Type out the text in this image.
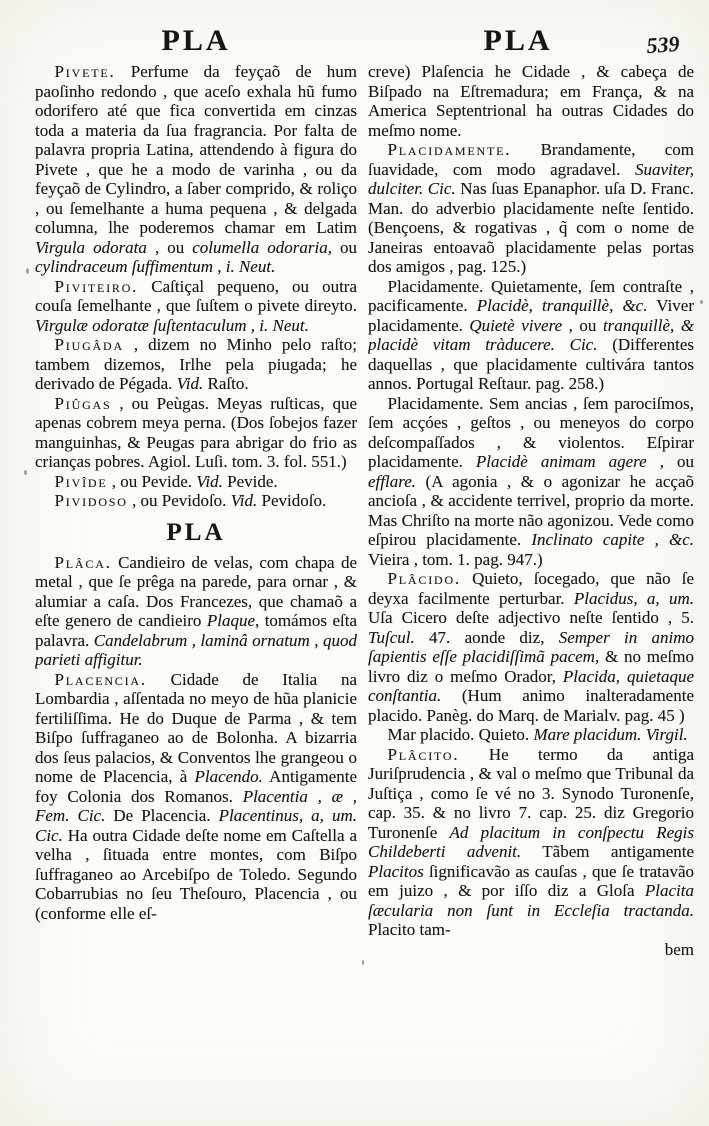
PLA	PLA	539

Pivete. Perfume da feyçaõ de hum paoſinho redondo , que aceſo exhala hũ fumo odorifero até que fica convertida em cinzas toda a materia da ſua fragrancia. Por falta de palavra propria Latina, attendendo à figura do Pivete , que he a modo de varinha , ou da feyçaõ de Cylindro, a ſaber comprido, & roliço , ou ſemelhante a huma pequena , & delgada columna, lhe poderemos chamar em Latim Virgula odorata , ou columella odoraria, ou cylindraceum ſuffimentum , i. Neut.

Piviteiro. Caſtiçal pequeno, ou outra couſa ſemelhante , que ſuſtem o pivete direyto. Virgulæ odoratæ ſuſtentaculum , i. Neut.

Piugâda , dizem no Minho pelo raſto; tambem dizemos, Irlhe pela piugada; he derivado de Pégada. Vid. Raſto.

Piûgas , ou Peùgas. Meyas ruſticas, que apenas cobrem meya perna. (Dos ſobejos fazer manguinhas, & Peugas para abrigar do frio as crianças pobres. Agiol. Luſi. tom. 3. fol. 551.)

Pivîde , ou Pevide. Vid. Pevide.

Pividoso , ou Pevidoſo. Vid. Pevidoſo.

PLA

Plâca. Candieiro de velas, com chapa de metal , que ſe prêga na parede, para ornar , & alumiar a caſa. Dos Francezes, que chamaõ a eſte genero de candieiro Plaque, tomámos eſta palavra. Candelabrum , laminâ ornatum , quod parieti affigitur.

Placencia. Cidade de Italia na Lombardia , aſſentada no meyo de hũa planicie fertiliſſima. He do Duque de Parma , & tem Biſpo ſuffraganeo ao de Bolonha. A bizarria dos ſeus palacios, & Conventos lhe grangeou o nome de Placencia, à Placendo. Antigamente foy Colonia dos Romanos. Placentia , æ , Fem. Cic. De Placencia. Placentinus, a, um. Cic. Ha outra Cidade deſte nome em Caſtella a velha , ſituada entre montes, com Biſpo ſuffraganeo ao Arcebiſpo de Toledo. Segundo Cobarrubias no ſeu Theſouro, Placencia , ou (conforme elle eſ-

creve) Plaſencia he Cidade , & cabeça de Biſpado na Eſtremadura; em França, & na America Septentrional ha outras Cidades do meſmo nome.

Placidamente. Brandamente, com ſuavidade, com modo agradavel. Suaviter, dulciter. Cic. Nas ſuas Epanaphor. uſa D. Franc. Man. do adverbio placidamente neſte ſentido. (Bençoens, & rogativas , q̃ com o nome de Janeiras entoavaõ placidamente pelas portas dos amigos , pag. 125.)

Placidamente. Quietamente, ſem contraſte , pacificamente. Placidè, tranquillè, &c. Viver placidamente. Quietè vivere , ou tranquillè, & placidè vitam tràducere. Cic. (Differentes daquellas , que placidamente cultivára tantos annos. Portugal Reſtaur. pag. 258.)

Placidamente. Sem ancias , ſem parociſmos, ſem acçóes , geſtos , ou meneyos do corpo deſcompaſſados , & violentos. Eſpirar placidamente. Placidè animam agere , ou efflare. (A agonia , & o agonizar he acçaõ ancioſa , & accidente terrivel, proprio da morte. Mas Chriſto na morte não agonizou. Vede como eſpirou placidamente. Inclinato capite , &c. Vieira , tom. 1. pag. 947.)

Plâcido. Quieto, ſocegado, que não ſe deyxa facilmente perturbar. Placidus, a, um. Uſa Cicero deſte adjectivo neſte ſentido , 5. Tuſcul. 47. aonde diz, Semper in animo ſapientis eſſe placidiſſimã pacem, & no meſmo livro diz o meſmo Orador, Placida, quietaque conſtantia. (Hum animo inalteradamente placido. Panèg. do Marq. de Marialv. pag. 45 )

Mar placido. Quieto. Mare placidum. Virgil.

Plâcito. He termo da antiga Juriſprudencia , & val o meſmo que Tribunal da Juſtiça , como ſe vé no 3. Synodo Turonenſe, cap. 35. & no livro 7. cap. 25. diz Gregorio Turonenſe Ad placitum in conſpectu Regis Childeberti advenit. Tãbem antigamente Placitos ſignificavão as cauſas , que ſe tratavão em juizo , & por iſſo diz a Gloſa Placita ſæcularia non ſunt in Eccleſia tractanda. Placito tam-

bem
